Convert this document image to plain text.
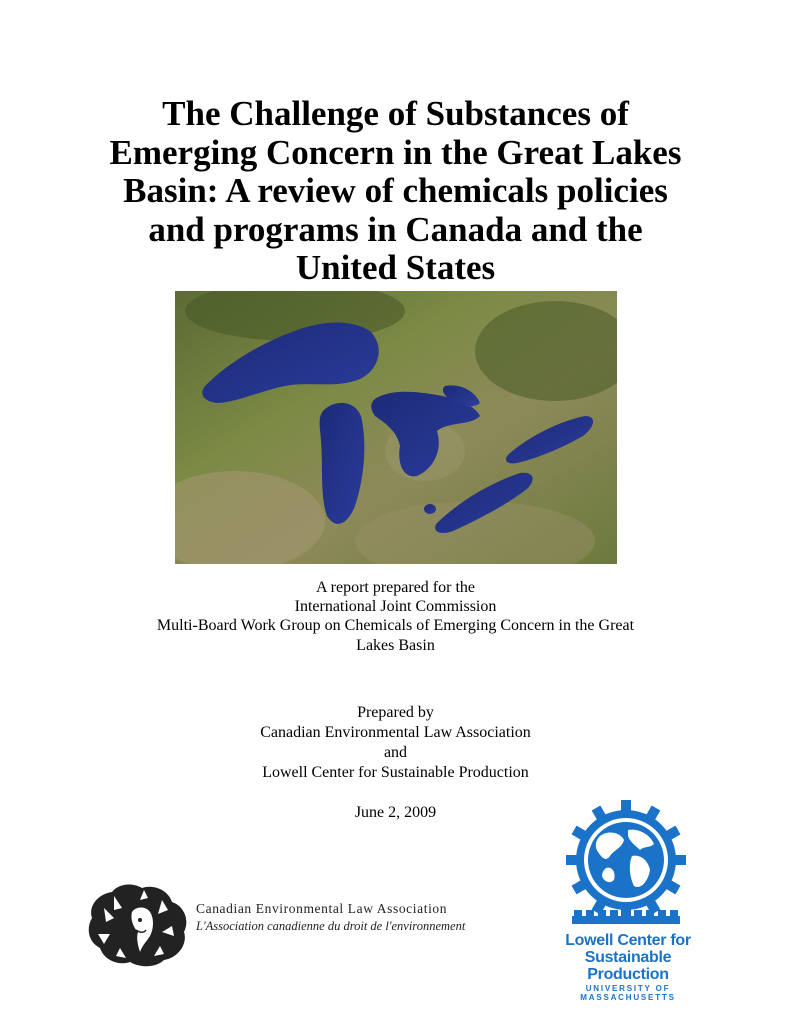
The Challenge of Substances of
Emerging Concern in the Great Lakes
Basin: A review of chemicals policies
and programs in Canada and the
United States
A report prepared for the
International Joint Commission
Multi-Board Work Group on Chemicals of Emerging Concern in the Great
Lakes Basin
Prepared by
Canadian Environmental Law Association
and
Lowell Center for Sustainable Production
June 2, 2009
Canadian Environmental Law Association
L'Association canadienne du droit de l'environnement
Lowell Center for
Sustainable Production
UNIVERSITY OF MASSACHUSETTS
